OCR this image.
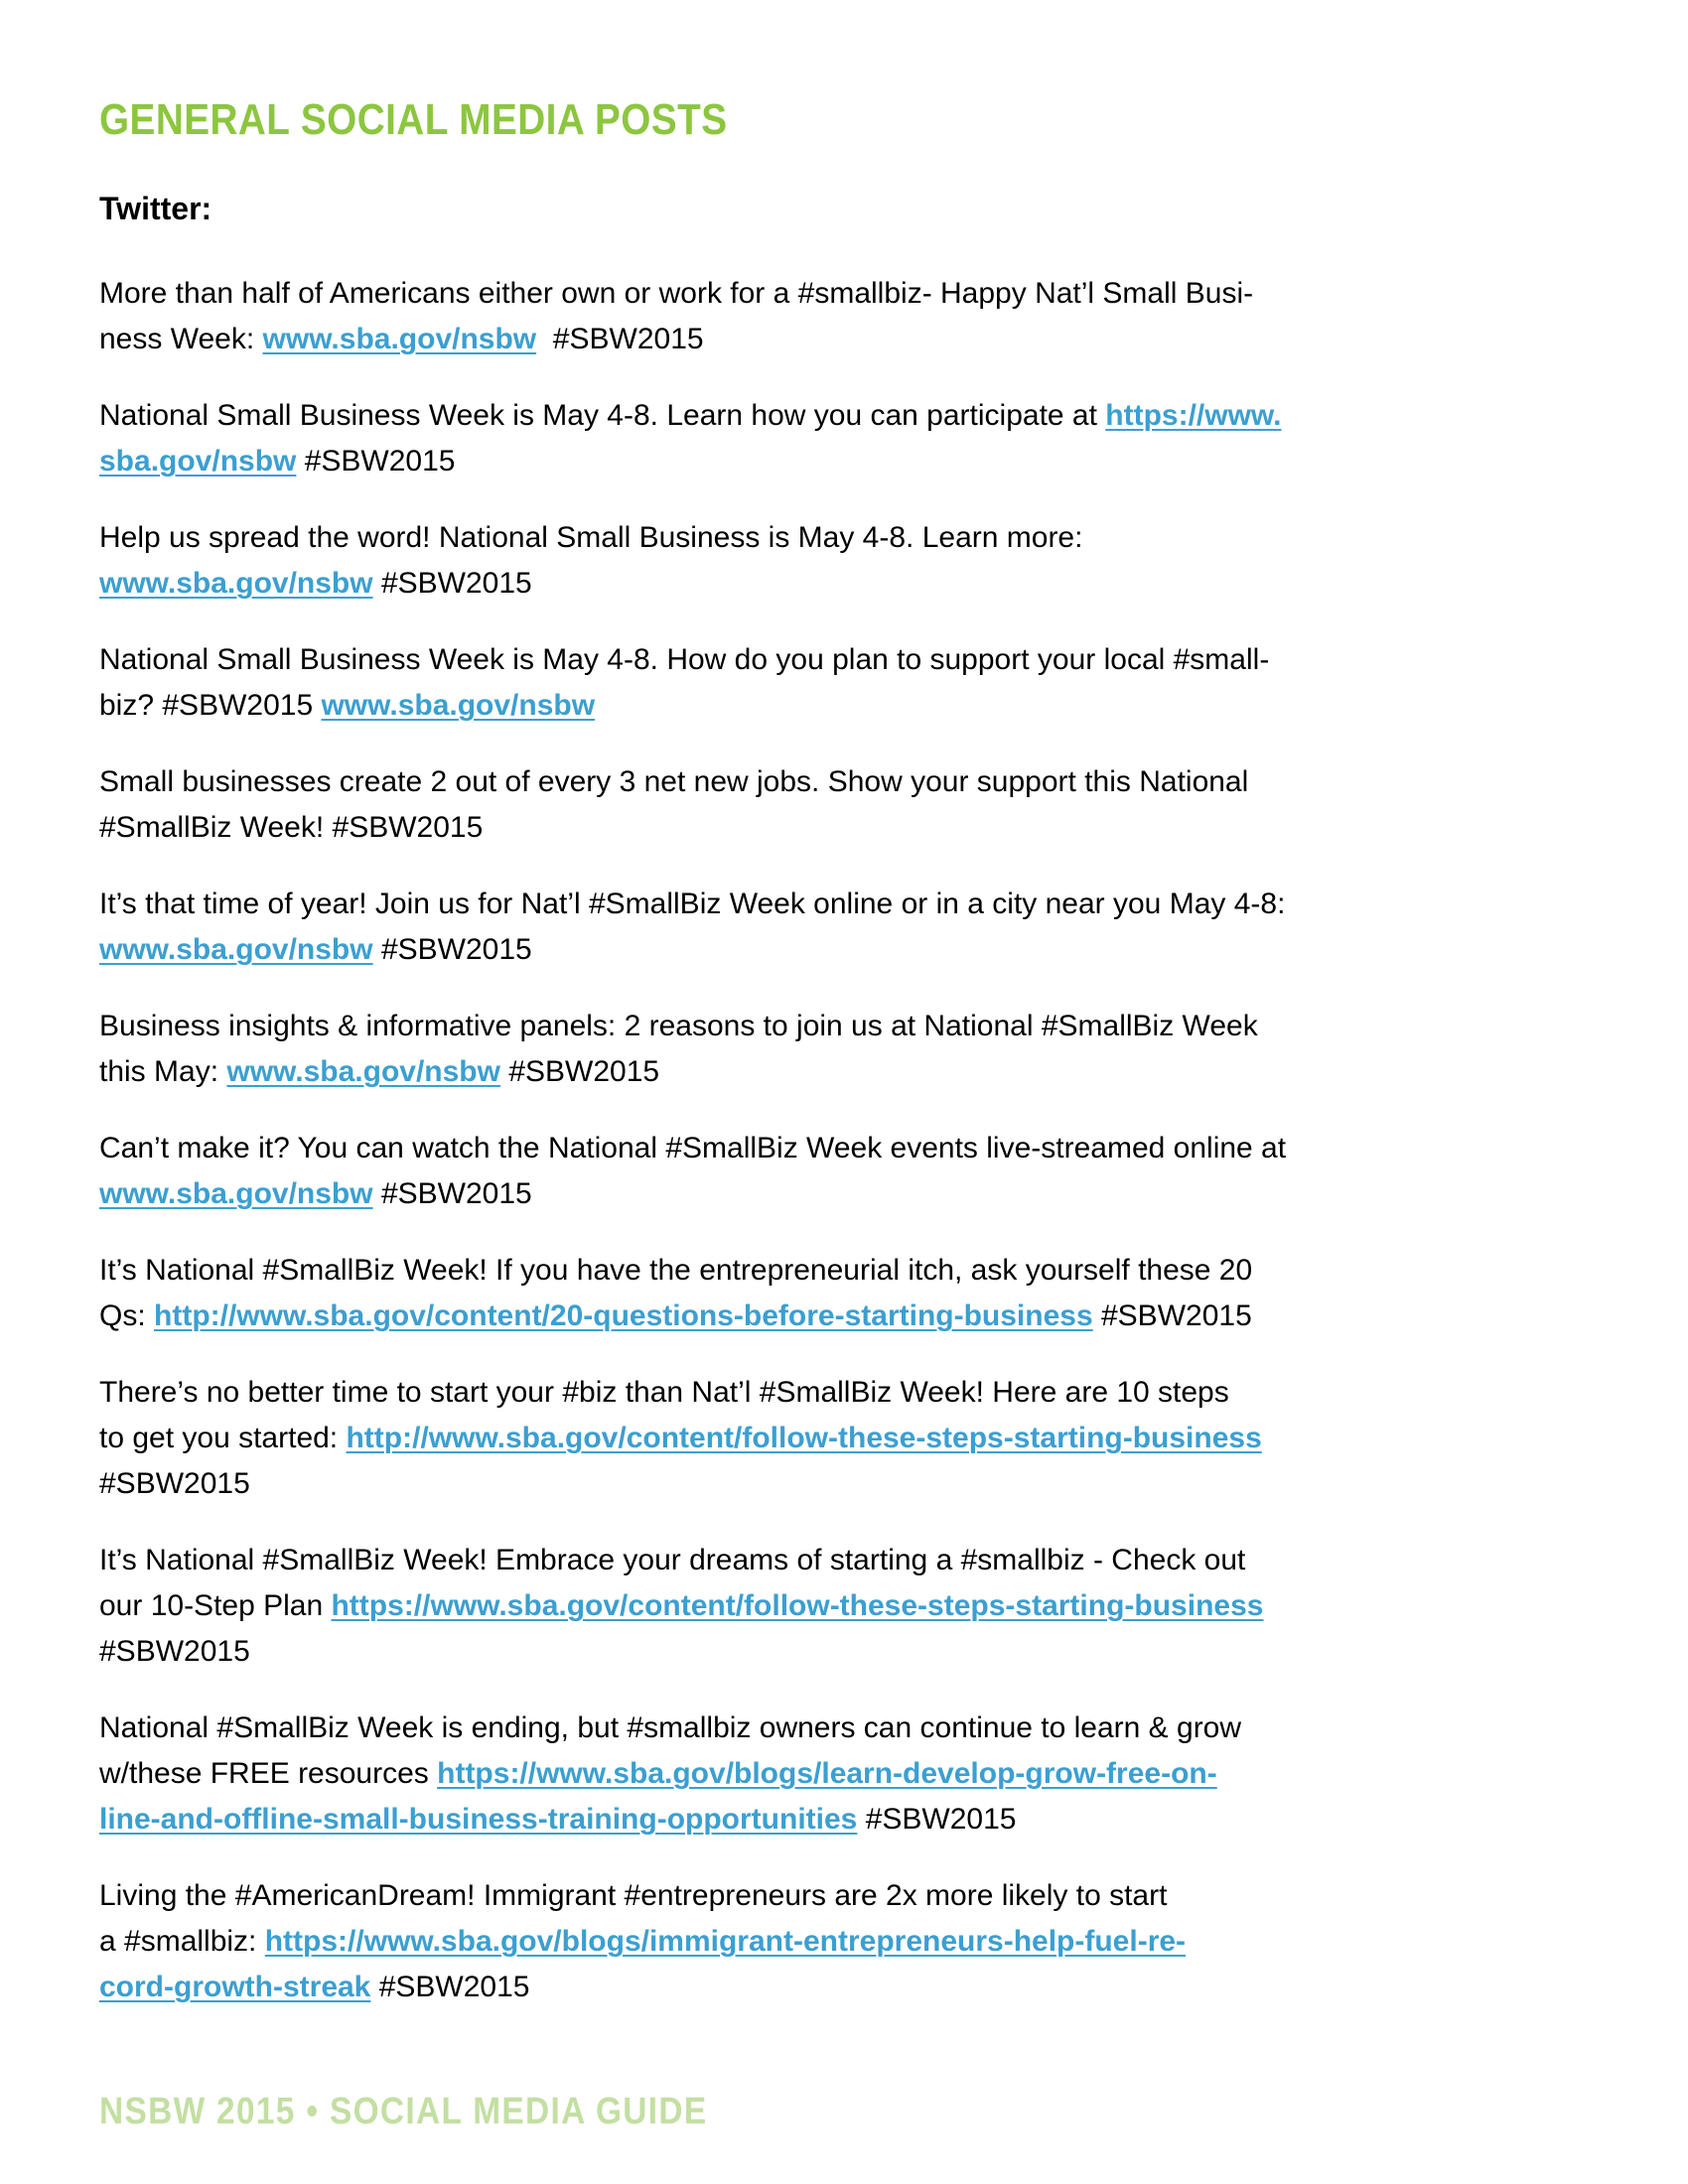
GENERAL SOCIAL MEDIA POSTS
Twitter:

More than half of Americans either own or work for a #smallbiz- Happy Nat’l Small Busi-
ness Week: www.sba.gov/nsbw  #SBW2015

National Small Business Week is May 4-8. Learn how you can participate at https://www.
sba.gov/nsbw #SBW2015

Help us spread the word! National Small Business is May 4-8. Learn more:
www.sba.gov/nsbw #SBW2015

National Small Business Week is May 4-8. How do you plan to support your local #small-
biz? #SBW2015 www.sba.gov/nsbw

Small businesses create 2 out of every 3 net new jobs. Show your support this National
#SmallBiz Week! #SBW2015

It’s that time of year! Join us for Nat’l #SmallBiz Week online or in a city near you May 4-8:
www.sba.gov/nsbw #SBW2015

Business insights & informative panels: 2 reasons to join us at National #SmallBiz Week
this May: www.sba.gov/nsbw #SBW2015

Can’t make it? You can watch the National #SmallBiz Week events live-streamed online at
www.sba.gov/nsbw #SBW2015

It’s National #SmallBiz Week! If you have the entrepreneurial itch, ask yourself these 20
Qs: http://www.sba.gov/content/20-questions-before-starting-business #SBW2015

There’s no better time to start your #biz than Nat’l #SmallBiz Week! Here are 10 steps
to get you started: http://www.sba.gov/content/follow-these-steps-starting-business
#SBW2015

It’s National #SmallBiz Week! Embrace your dreams of starting a #smallbiz - Check out
our 10-Step Plan https://www.sba.gov/content/follow-these-steps-starting-business
#SBW2015

National #SmallBiz Week is ending, but #smallbiz owners can continue to learn & grow
w/these FREE resources https://www.sba.gov/blogs/learn-develop-grow-free-on-
line-and-offline-small-business-training-opportunities #SBW2015

Living the #AmericanDream! Immigrant #entrepreneurs are 2x more likely to start
a #smallbiz: https://www.sba.gov/blogs/immigrant-entrepreneurs-help-fuel-re-
cord-growth-streak #SBW2015

NSBW 2015 • SOCIAL MEDIA GUIDE
